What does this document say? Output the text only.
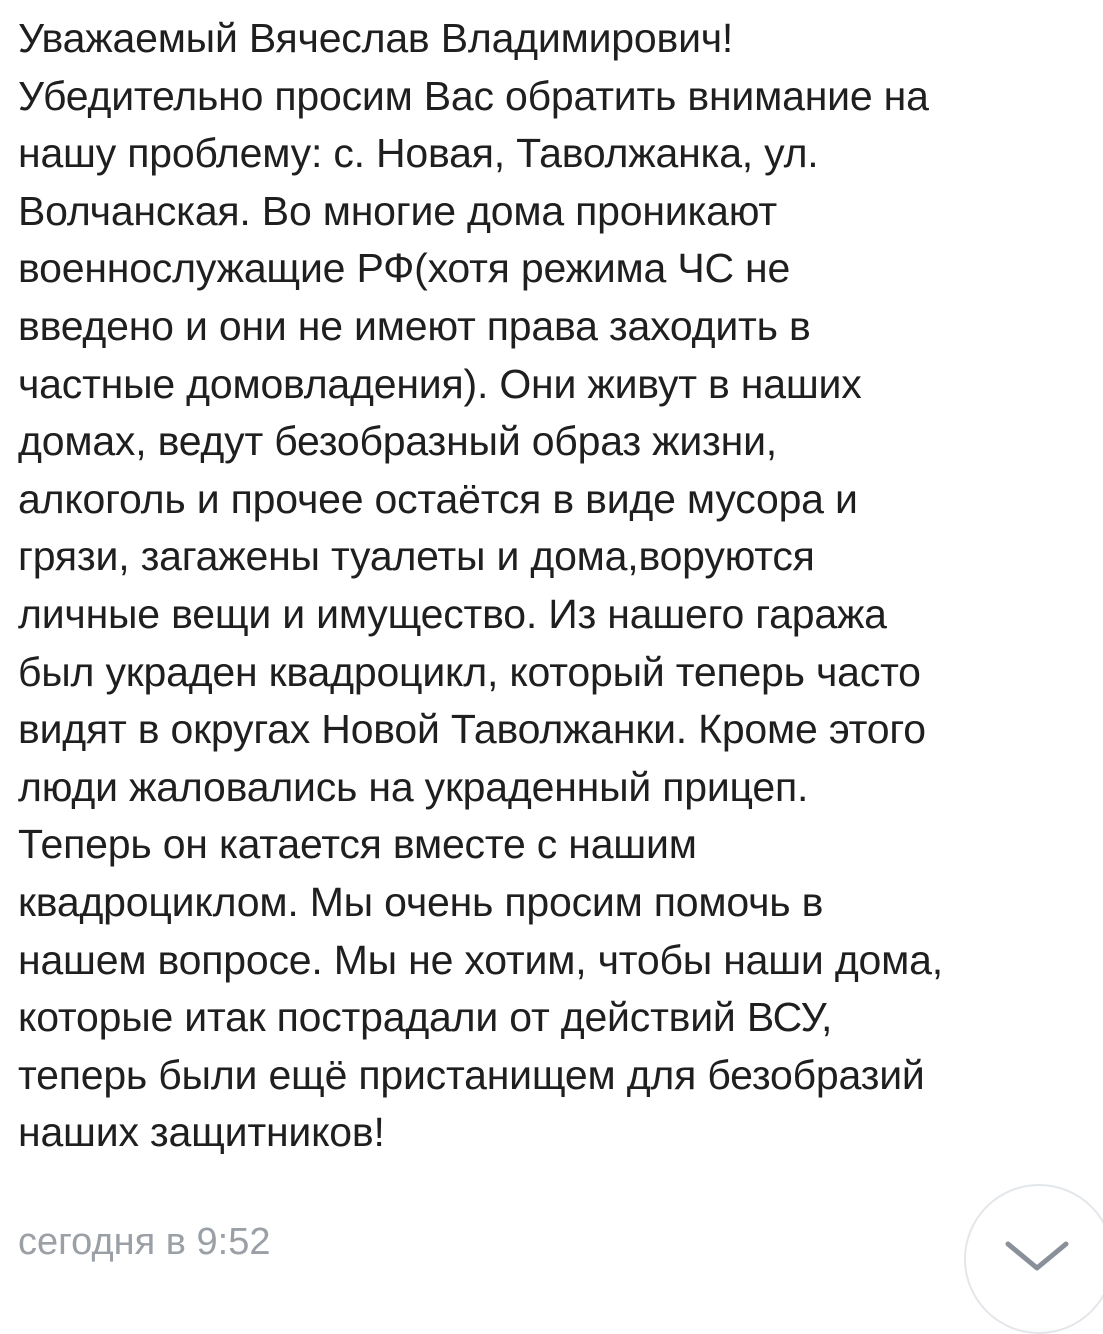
Уважаемый Вячеслав Владимирович!
Убедительно просим Вас обратить внимание на
нашу проблему: с. Новая, Таволжанка, ул.
Волчанская. Во многие дома проникают
военнослужащие РФ(хотя режима ЧС не
введено и они не имеют права заходить в
частные домовладения). Они живут в наших
домах, ведут безобразный образ жизни,
алкоголь и прочее остаётся в виде мусора и
грязи, загажены туалеты и дома,воруются
личные вещи и имущество. Из нашего гаража
был украден квадроцикл, который теперь часто
видят в округах Новой Таволжанки. Кроме этого
люди жаловались на украденный прицеп.
Теперь он катается вместе с нашим
квадроциклом. Мы очень просим помочь в
нашем вопросе. Мы не хотим, чтобы наши дома,
которые итак пострадали от действий ВСУ,
теперь были ещё пристанищем для безобразий
наших защитников!
сегодня в 9:52
